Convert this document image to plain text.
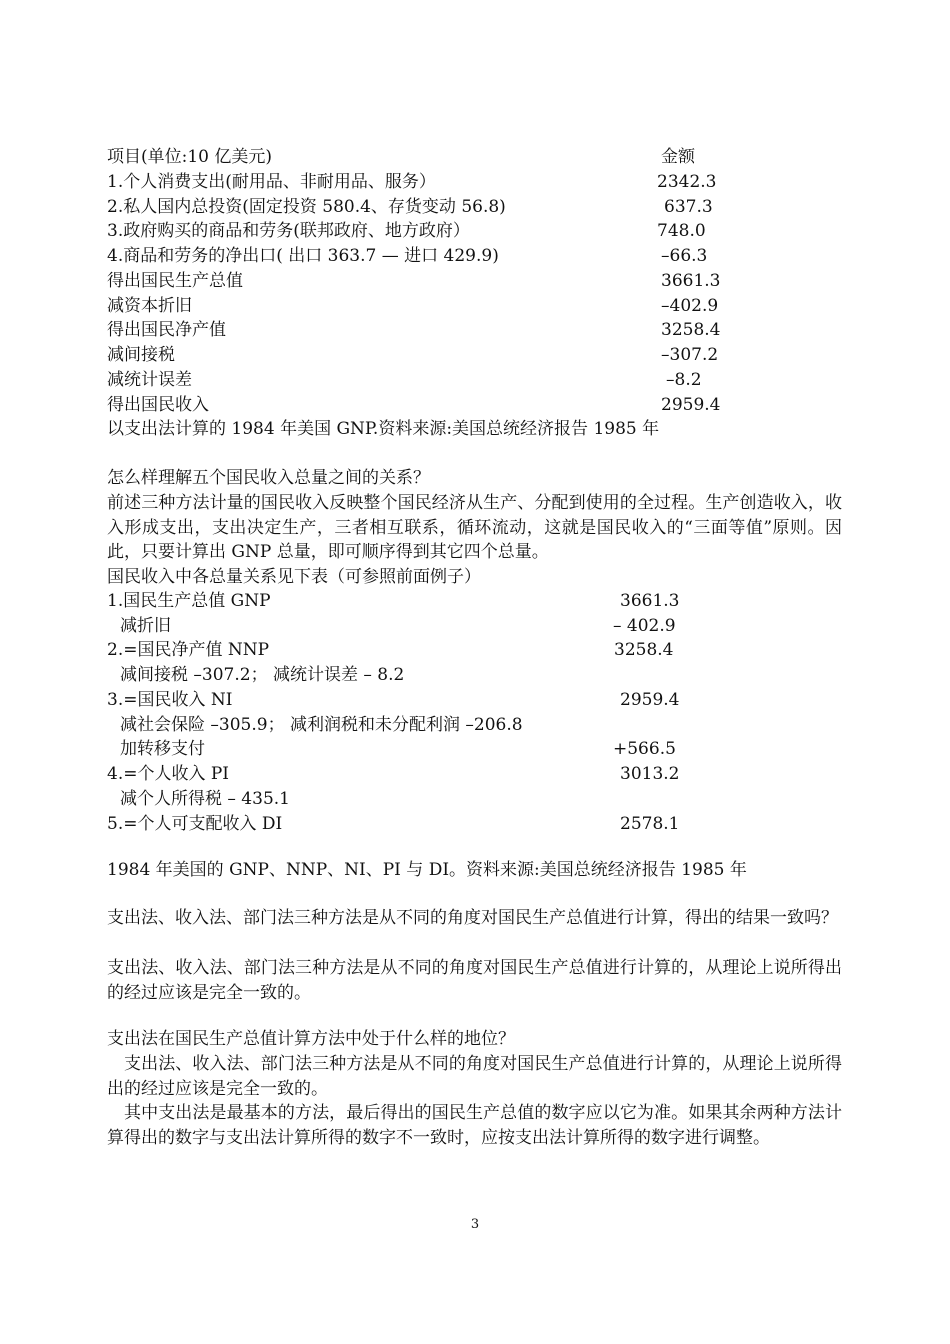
项目(单位:10 亿美元)	金额
1.个人消费支出(耐用品、非耐用品、服务）	2342.3
2.私人国内总投资(固定投资 580.4、存货变动 56.8)	637.3
3.政府购买的商品和劳务(联邦政府、地方政府）	748.0
4.商品和劳务的净出口( 出口 363.7 — 进口 429.9)	–66.3
得出国民生产总值	3661.3
减资本折旧	–402.9
得出国民净产值	3258.4
减间接税	–307.2
减统计误差	–8.2
得出国民收入	2959.4
以支出法计算的 1984 年美国 GNP.资料来源:美国总统经济报告 1985 年
怎么样理解五个国民收入总量之间的关系？
前述三种方法计量的国民收入反映整个国民经济从生产、分配到使用的全过程。生产创造收入，收入形成支出，支出决定生产，三者相互联系，循环流动，这就是国民收入的“三面等值”原则。因此，只要计算出 GNP 总量，即可顺序得到其它四个总量。
国民收入中各总量关系见下表（可参照前面例子）
1.国民生产总值 GNP	3661.3
减折旧	– 402.9
2.=国民净产值 NNP	3258.4
减间接税 –307.2； 减统计误差 – 8.2
3.=国民收入 NI	2959.4
减社会保险 –305.9； 减利润税和未分配利润 –206.8
加转移支付	+566.5
4.=个人收入 PI	3013.2
减个人所得税 – 435.1
5.=个人可支配收入 DI	2578.1
1984 年美国的 GNP、NNP、NI、PI 与 DI。资料来源:美国总统经济报告 1985 年
支出法、收入法、部门法三种方法是从不同的角度对国民生产总值进行计算，得出的结果一致吗？
支出法、收入法、部门法三种方法是从不同的角度对国民生产总值进行计算的，从理论上说所得出的经过应该是完全一致的。
支出法在国民生产总值计算方法中处于什么样的地位？
支出法、收入法、部门法三种方法是从不同的角度对国民生产总值进行计算的，从理论上说所得出的经过应该是完全一致的。
其中支出法是最基本的方法，最后得出的国民生产总值的数字应以它为准。如果其余两种方法计算得出的数字与支出法计算所得的数字不一致时，应按支出法计算所得的数字进行调整。
3
